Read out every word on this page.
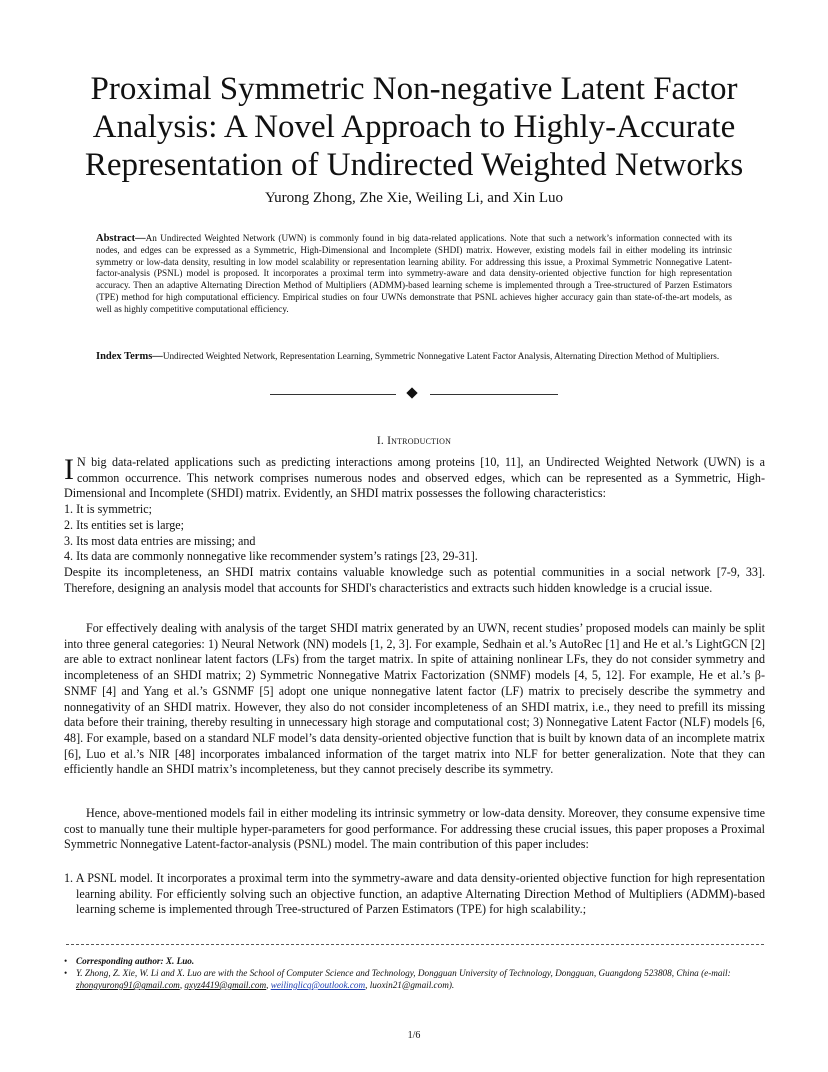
Proximal Symmetric Non-negative Latent Factor
Analysis: A Novel Approach to Highly-Accurate
Representation of Undirected Weighted Networks
Yurong Zhong, Zhe Xie, Weiling Li, and Xin Luo
Abstract—An Undirected Weighted Network (UWN) is commonly found in big data-related applications. Note that such a network’s information connected with its nodes, and edges can be expressed as a Symmetric, High-Dimensional and Incomplete (SHDI) matrix. However, existing models fail in either modeling its intrinsic symmetry or low-data density, resulting in low model scalability or representation learning ability. For addressing this issue, a Proximal Symmetric Nonnegative Latent-factor-analysis (PSNL) model is proposed. It incorporates a proximal term into symmetry-aware and data density-oriented objective function for high representation accuracy. Then an adaptive Alternating Direction Method of Multipliers (ADMM)-based learning scheme is implemented through a Tree-structured of Parzen Estimators (TPE) method for high computational efficiency. Empirical studies on four UWNs demonstrate that PSNL achieves higher accuracy gain than state-of-the-art models, as well as highly competitive computational efficiency.
Index Terms—Undirected Weighted Network, Representation Learning, Symmetric Nonnegative Latent Factor Analysis, Alternating Direction Method of Multipliers.
I. Introduction

I N big data-related applications such as predicting interactions among proteins [10, 11], an Undirected Weighted Network (UWN) is a common occurrence. This network comprises numerous nodes and observed edges, which can be represented as a Symmetric, High-Dimensional and Incomplete (SHDI) matrix. Evidently, an SHDI matrix possesses the following characteristics:

1. It is symmetric;
2. Its entities set is large;
3. Its most data entries are missing; and
4. Its data are commonly nonnegative like recommender system’s ratings [23, 29-31].

Despite its incompleteness, an SHDI matrix contains valuable knowledge such as potential communities in a social network [7-9, 33]. Therefore, designing an analysis model that accounts for SHDI's characteristics and extracts such hidden knowledge is a crucial issue.

For effectively dealing with analysis of the target SHDI matrix generated by an UWN, recent studies’ proposed models can mainly be split into three general categories: 1) Neural Network (NN) models [1, 2, 3]. For example, Sedhain et al.’s AutoRec [1] and He et al.’s LightGCN [2] are able to extract nonlinear latent factors (LFs) from the target matrix. In spite of attaining nonlinear LFs, they do not consider symmetry and incompleteness of an SHDI matrix; 2) Symmetric Nonnegative Matrix Factorization (SNMF) models [4, 5, 12]. For example, He et al.’s β-SNMF [4] and Yang et al.’s GSNMF [5] adopt one unique nonnegative latent factor (LF) matrix to precisely describe the symmetry and nonnegativity of an SHDI matrix. However, they also do not consider incompleteness of an SHDI matrix, i.e., they need to prefill its missing data before their training, thereby resulting in unnecessary high storage and computational cost; 3) Nonnegative Latent Factor (NLF) models [6, 48]. For example, based on a standard NLF model’s data density-oriented objective function that is built by known data of an incomplete matrix [6], Luo et al.’s NIR [48] incorporates imbalanced information of the target matrix into NLF for better generalization. Note that they can efficiently handle an SHDI matrix’s incompleteness, but they cannot precisely describe its symmetry.

Hence, above-mentioned models fail in either modeling its intrinsic symmetry or low-data density. Moreover, they consume expensive time cost to manually tune their multiple hyper-parameters for good performance. For addressing these crucial issues, this paper proposes a Proximal Symmetric Nonnegative Latent-factor-analysis (PSNL) model. The main contribution of this paper includes:

1. A PSNL model. It incorporates a proximal term into the symmetry-aware and data density-oriented objective function for high representation learning ability. For efficiently solving such an objective function, an adaptive Alternating Direction Method of Multipliers (ADMM)-based learning scheme is implemented through Tree-structured of Parzen Estimators (TPE) for high scalability.;

• Corresponding author: X. Luo.
• Y. Zhong, Z. Xie, W. Li and X. Luo are with the School of Computer Science and Technology, Dongguan University of Technology, Dongguan, Guangdong 523808, China (e-mail: zhongyurong91@gmail.com, gxyz4419@gmail.com, weilinglicq@outlook.com, luoxin21@gmail.com).
1/6
